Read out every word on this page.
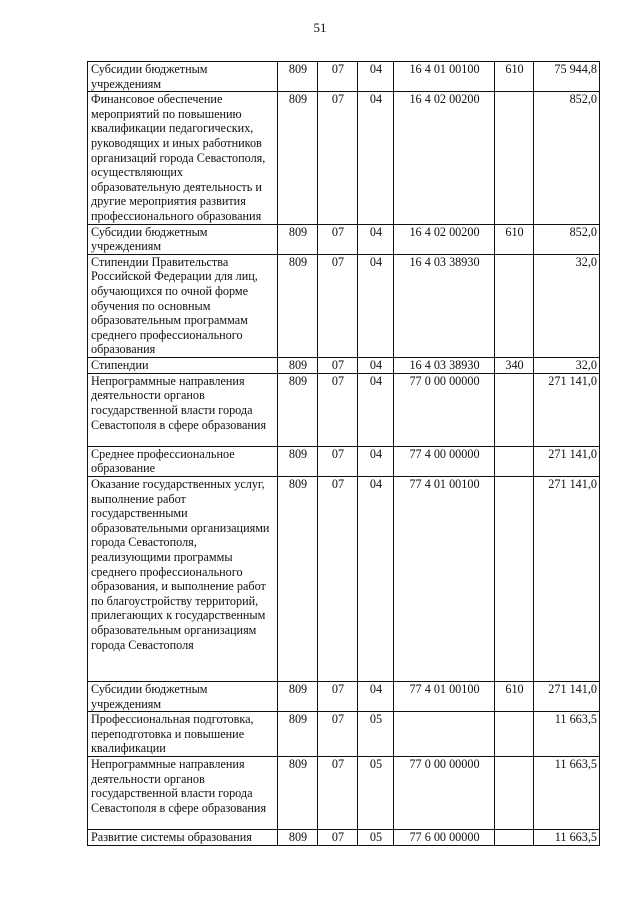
51
Субсидии бюджетным учреждениям	809	07	04	16 4 01 00100	610	75 944,8
Финансовое обеспечение мероприятий по повышению квалификации педагогических, руководящих и иных работников организаций города Севастополя, осуществляющих образовательную деятельность и другие мероприятия развития профессионального образования	809	07	04	16 4 02 00200		852,0
Субсидии бюджетным учреждениям	809	07	04	16 4 02 00200	610	852,0
Стипендии Правительства Российской Федерации для лиц, обучающихся по очной форме обучения по основным образовательным программам среднего профессионального образования	809	07	04	16 4 03 38930		32,0
Стипендии	809	07	04	16 4 03 38930	340	32,0
Непрограммные направления деятельности органов государственной власти города Севастополя в сфере образования	809	07	04	77 0 00 00000		271 141,0
Среднее профессиональное образование	809	07	04	77 4 00 00000		271 141,0
Оказание государственных услуг, выполнение работ государственными образовательными организациями города Севастополя, реализующими программы среднего профессионального образования, и выполнение работ по благоустройству территорий, прилегающих к государственным образовательным организациям города Севастополя	809	07	04	77 4 01 00100		271 141,0
Субсидии бюджетным учреждениям	809	07	04	77 4 01 00100	610	271 141,0
Профессиональная подготовка, переподготовка и повышение квалификации	809	07	05			11 663,5
Непрограммные направления деятельности органов государственной власти города Севастополя в сфере образования	809	07	05	77 0 00 00000		11 663,5
Развитие системы образования	809	07	05	77 6 00 00000		11 663,5
